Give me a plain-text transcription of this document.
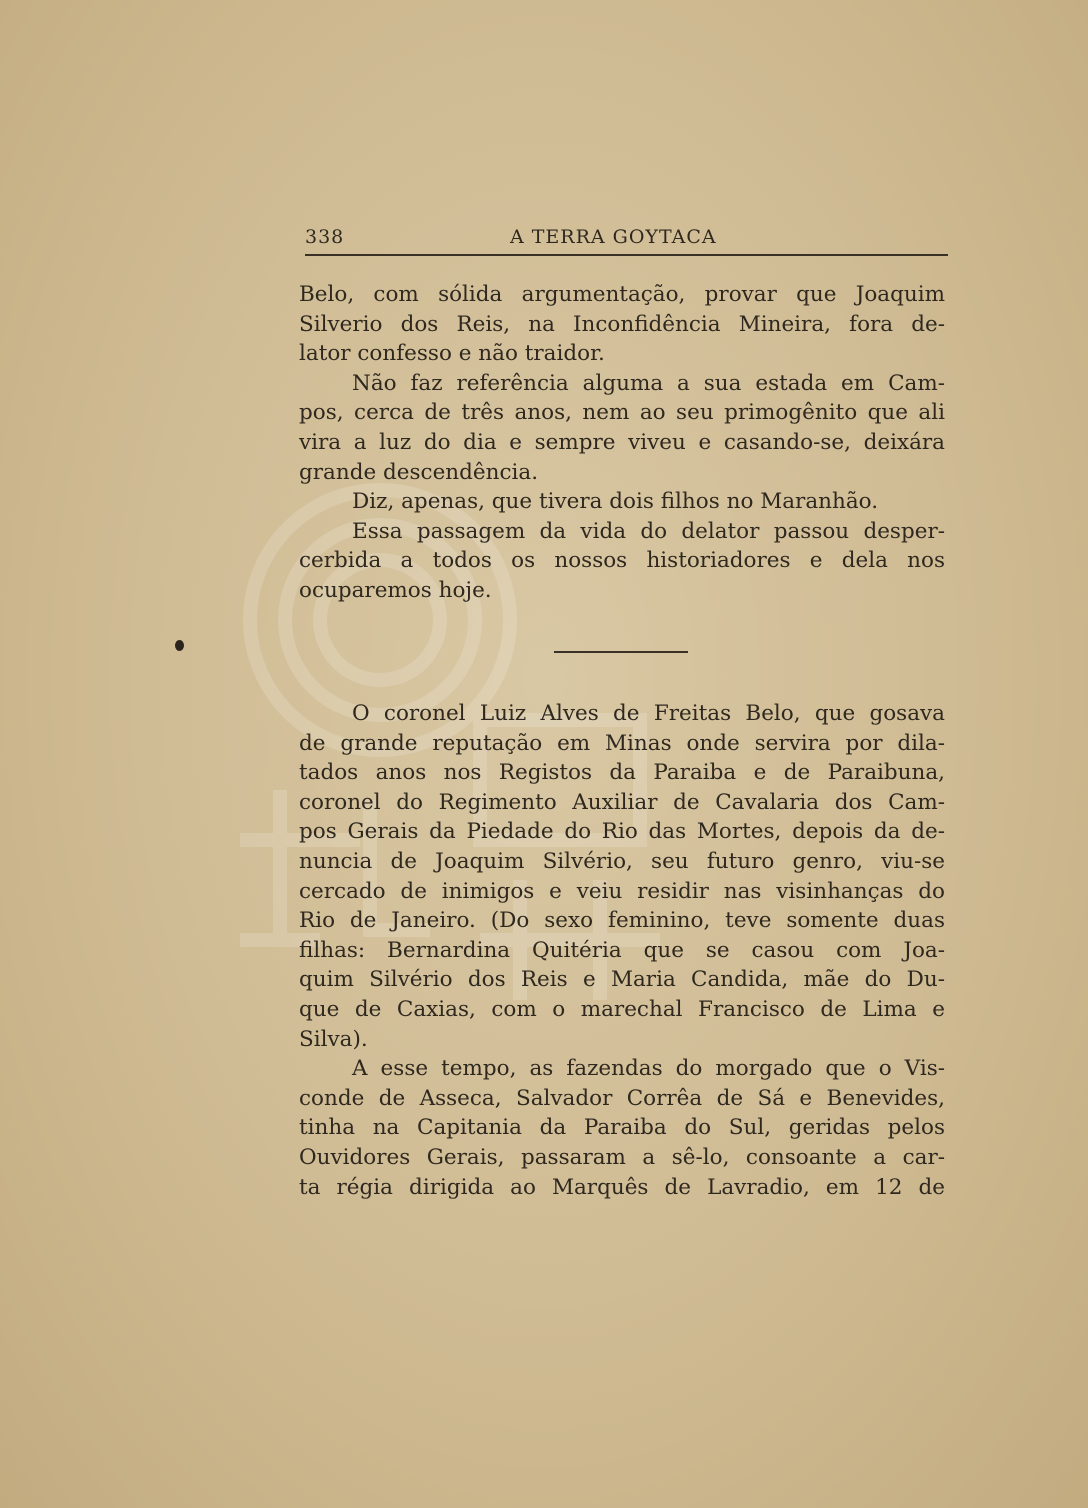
338	A TERRA GOYTACA
Belo, com sólida argumentação, provar que Joaquim
Silverio dos Reis, na Inconfidência Mineira, fora de-
lator confesso e não traidor.
Não faz referência alguma a sua estada em Cam-
pos, cerca de três anos, nem ao seu primogênito que ali
vira a luz do dia e sempre viveu e casando-se, deixára
grande descendência.
Diz, apenas, que tivera dois filhos no Maranhão.
Essa passagem da vida do delator passou desper-
cerbida a todos os nossos historiadores e dela nos
ocuparemos hoje.
O coronel Luiz Alves de Freitas Belo, que gosava
de grande reputação em Minas onde servira por dila-
tados anos nos Registos da Paraiba e de Paraibuna,
coronel do Regimento Auxiliar de Cavalaria dos Cam-
pos Gerais da Piedade do Rio das Mortes, depois da de-
nuncia de Joaquim Silvério, seu futuro genro, viu-se
cercado de inimigos e veiu residir nas visinhanças do
Rio de Janeiro. (Do sexo feminino, teve somente duas
filhas: Bernardina Quitéria que se casou com Joa-
quim Silvério dos Reis e Maria Candida, mãe do Du-
que de Caxias, com o marechal Francisco de Lima e
Silva).
A esse tempo, as fazendas do morgado que o Vis-
conde de Asseca, Salvador Corrêa de Sá e Benevides,
tinha na Capitania da Paraiba do Sul, geridas pelos
Ouvidores Gerais, passaram a sê-lo, consoante a car-
ta régia dirigida ao Marquês de Lavradio, em 12 de
